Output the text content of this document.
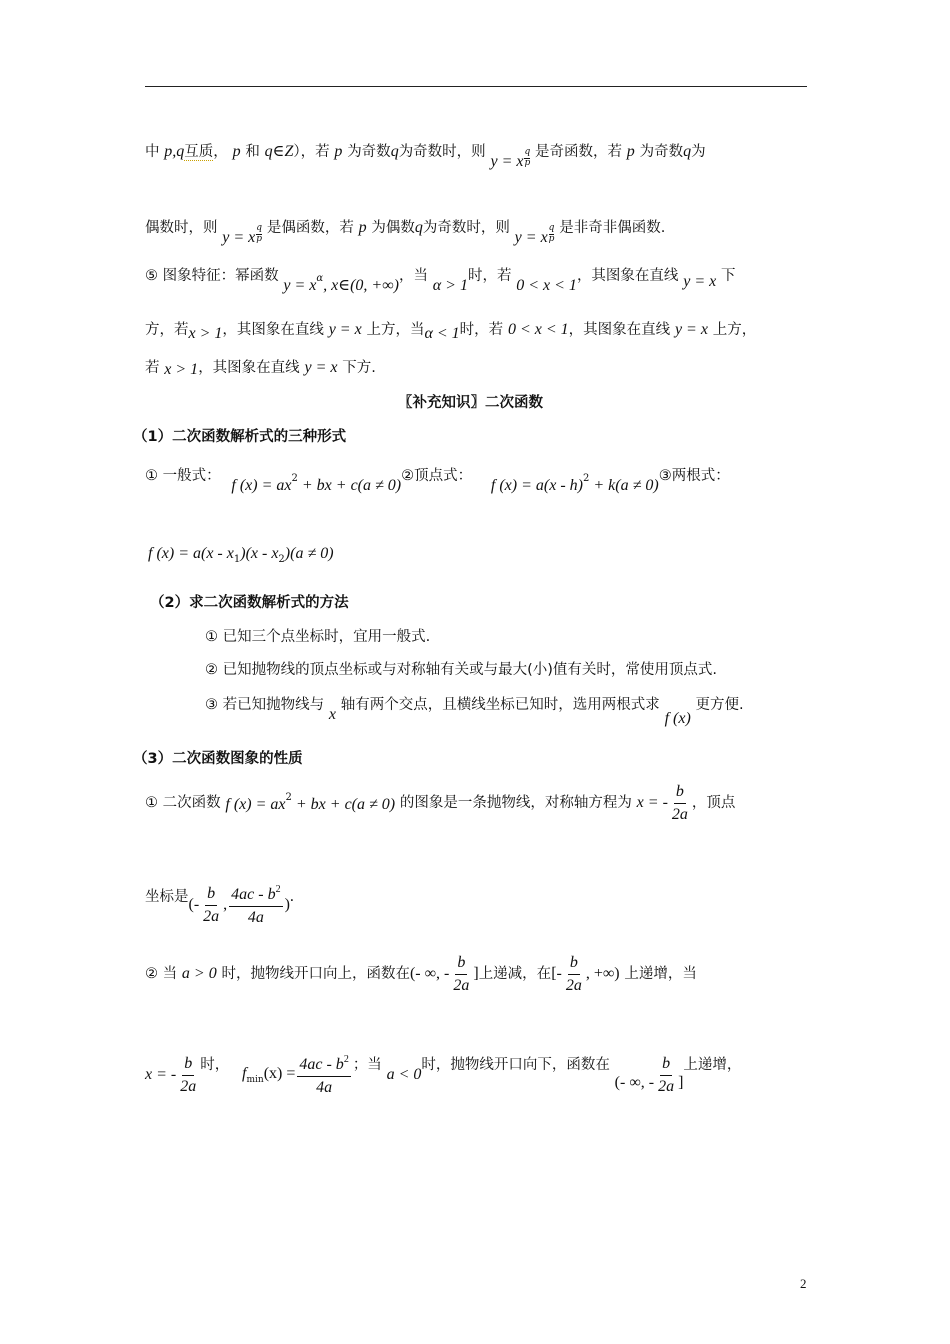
中 p,q互质， p 和 q∈Z），若 p 为奇数q为奇数时，则 y = x $\frac{q}{p}$ 是奇函数，若 p 为奇数q为
偶数时，则 y = x $\frac{q}{p}$ 是偶函数，若 p 为偶数q为奇数时，则 y = x $\frac{q}{p}$ 是非奇非偶函数.
⑤ 图象特征：幂函数 $y = x^\alpha$, x∈(0, +∞)，当 α > 1时，若 0 < x < 1，其图象在直线 y = x 下
方，若x > 1，其图象在直线 y = x 上方，当α < 1时，若 0 < x < 1，其图象在直线 y = x 上方，
若 x > 1，其图象在直线 y = x 下方.
〖补充知识〗二次函数
（1）二次函数解析式的三种形式
① 一般式： f $(x) = ax^2$ + bx + c(a ≠ 0)②顶点式： f (x) = a(x - h)$^2$ + k(a ≠ 0)③两根式：
f $(x) = a(x - x_1)(x - x_2)(a \ne 0)$
（2）求二次函数解析式的方法
① 已知三个点坐标时，宜用一般式.
② 已知抛物线的顶点坐标或与对称轴有关或与最大(小)值有关时，常使用顶点式.
③ 若已知抛物线与 x 轴有两个交点，且横线坐标已知时，选用两根式求 f (x) 更方便.
（3）二次函数图象的性质
① 二次函数 f $(x) = ax^2$ + bx + c(a ≠ 0) 的图象是一条抛物线，对称轴方程为 x = - $\frac{b}{2a}$ ，顶点
坐标是(- $\frac{b}{2a}$ , $\frac{4ac - b^2}{4a}$ ).
② 当 a > 0 时，抛物线开口向上，函数在(- ∞, - $\frac{b}{2a}$ ]上递减，在[- $\frac{b}{2a}$ , +∞) 上递增，当
x = - $\frac{b}{2a}$ 时， $f_{min}(x) = \frac{4ac - b^2}{4a}$ ；当 a < 0时，抛物线开口向下，函数在 (- ∞, - $\frac{b}{2a}$ ]上递增，
2
